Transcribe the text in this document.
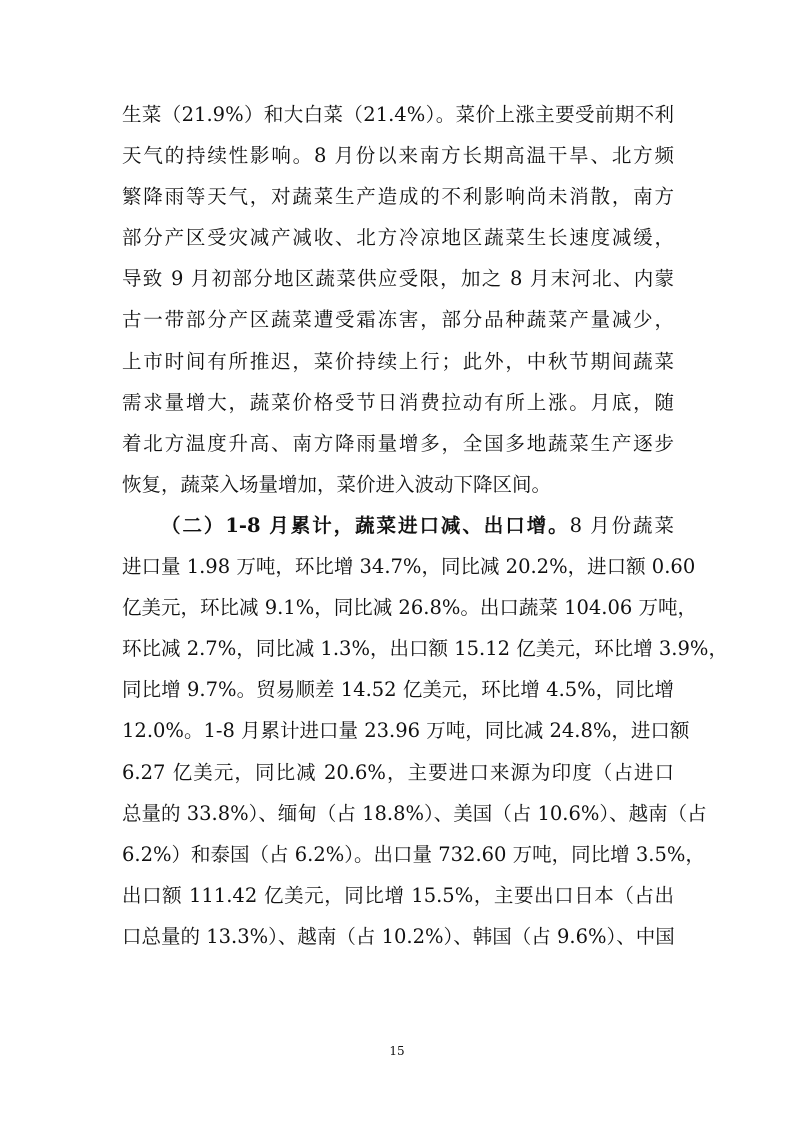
生菜（21.9%）和大白菜（21.4%）。菜价上涨主要受前期不利
天气的持续性影响。8 月份以来南方长期高温干旱、北方频
繁降雨等天气，对蔬菜生产造成的不利影响尚未消散，南方
部分产区受灾减产减收、北方冷凉地区蔬菜生长速度减缓，
导致 9 月初部分地区蔬菜供应受限，加之 8 月末河北、内蒙
古一带部分产区蔬菜遭受霜冻害，部分品种蔬菜产量减少，
上市时间有所推迟，菜价持续上行；此外，中秋节期间蔬菜
需求量增大，蔬菜价格受节日消费拉动有所上涨。月底，随
着北方温度升高、南方降雨量增多，全国多地蔬菜生产逐步
恢复，蔬菜入场量增加，菜价进入波动下降区间。
（二）1-8 月累计，蔬菜进口减、出口增。8 月份蔬菜
进口量 1.98 万吨，环比增 34.7%，同比减 20.2%，进口额 0.60
亿美元，环比减 9.1%，同比减 26.8%。出口蔬菜 104.06 万吨，
环比减 2.7%，同比减 1.3%，出口额 15.12 亿美元，环比增 3.9%，
同比增 9.7%。贸易顺差 14.52 亿美元，环比增 4.5%，同比增
12.0%。1-8 月累计进口量 23.96 万吨，同比减 24.8%，进口额
6.27 亿美元，同比减 20.6%，主要进口来源为印度（占进口
总量的 33.8%）、缅甸（占 18.8%）、美国（占 10.6%）、越南（占
6.2%）和泰国（占 6.2%）。出口量 732.60 万吨，同比增 3.5%，
出口额 111.42 亿美元，同比增 15.5%，主要出口日本（占出
口总量的 13.3%）、越南（占 10.2%）、韩国（占 9.6%）、中国
15
